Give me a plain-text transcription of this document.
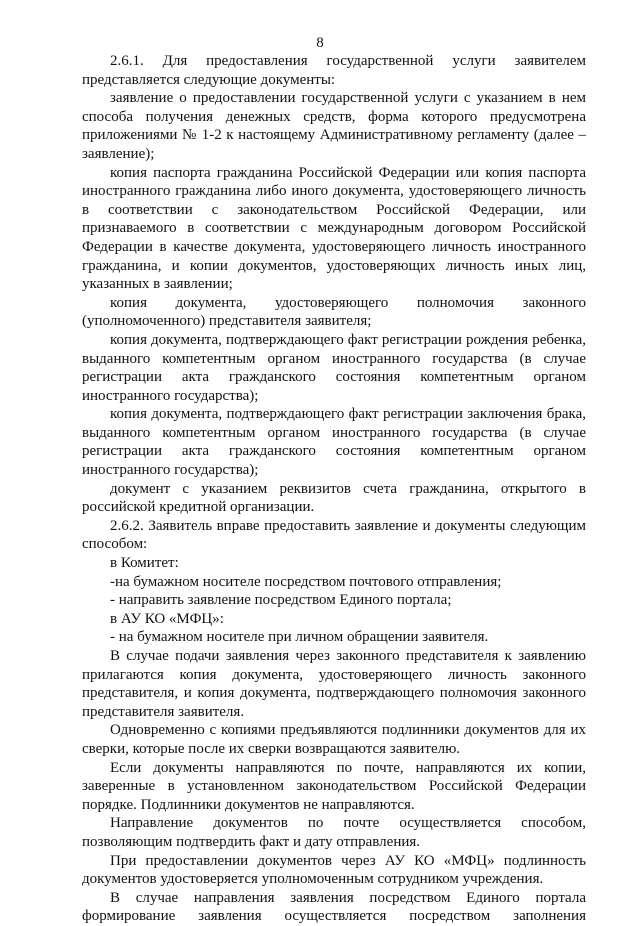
8

2.6.1. Для предоставления государственной услуги заявителем представляется следующие документы:

заявление о предоставлении государственной услуги с указанием в нем способа получения денежных средств, форма которого предусмотрена приложениями № 1-2 к настоящему Административному регламенту (далее – заявление);

копия паспорта гражданина Российской Федерации или копия паспорта иностранного гражданина либо иного документа, удостоверяющего личность в соответствии с законодательством Российской Федерации, или признаваемого в соответствии с международным договором Российской Федерации в качестве документа, удостоверяющего личность иностранного гражданина, и копии документов, удостоверяющих личность иных лиц, указанных в заявлении;

копия документа, удостоверяющего полномочия законного (уполномоченного) представителя заявителя;

копия документа, подтверждающего факт регистрации рождения ребенка, выданного компетентным органом иностранного государства (в случае регистрации акта гражданского состояния компетентным органом иностранного государства);

копия документа, подтверждающего факт регистрации заключения брака, выданного компетентным органом иностранного государства (в случае регистрации акта гражданского состояния компетентным органом иностранного государства);

документ с указанием реквизитов счета гражданина, открытого в российской кредитной организации.

2.6.2. Заявитель вправе предоставить заявление и документы следующим способом:

в Комитет:

-на бумажном носителе посредством почтового отправления;

- направить заявление посредством Единого портала;

в АУ КО «МФЦ»:

- на бумажном носителе при личном обращении заявителя.

В случае подачи заявления через законного представителя к заявлению прилагаются копия документа, удостоверяющего личность законного представителя, и копия документа, подтверждающего полномочия законного представителя заявителя.

Одновременно с копиями предъявляются подлинники документов для их сверки, которые после их сверки возвращаются заявителю.

Если документы направляются по почте, направляются их копии, заверенные в установленном законодательством Российской Федерации порядке. Подлинники документов не направляются.

Направление документов по почте осуществляется способом, позволяющим подтвердить факт и дату отправления.

При предоставлении документов через АУ КО «МФЦ» подлинность документов удостоверяется уполномоченным сотрудником учреждения.

В случае направления заявления посредством Единого портала формирование заявления осуществляется посредством заполнения
